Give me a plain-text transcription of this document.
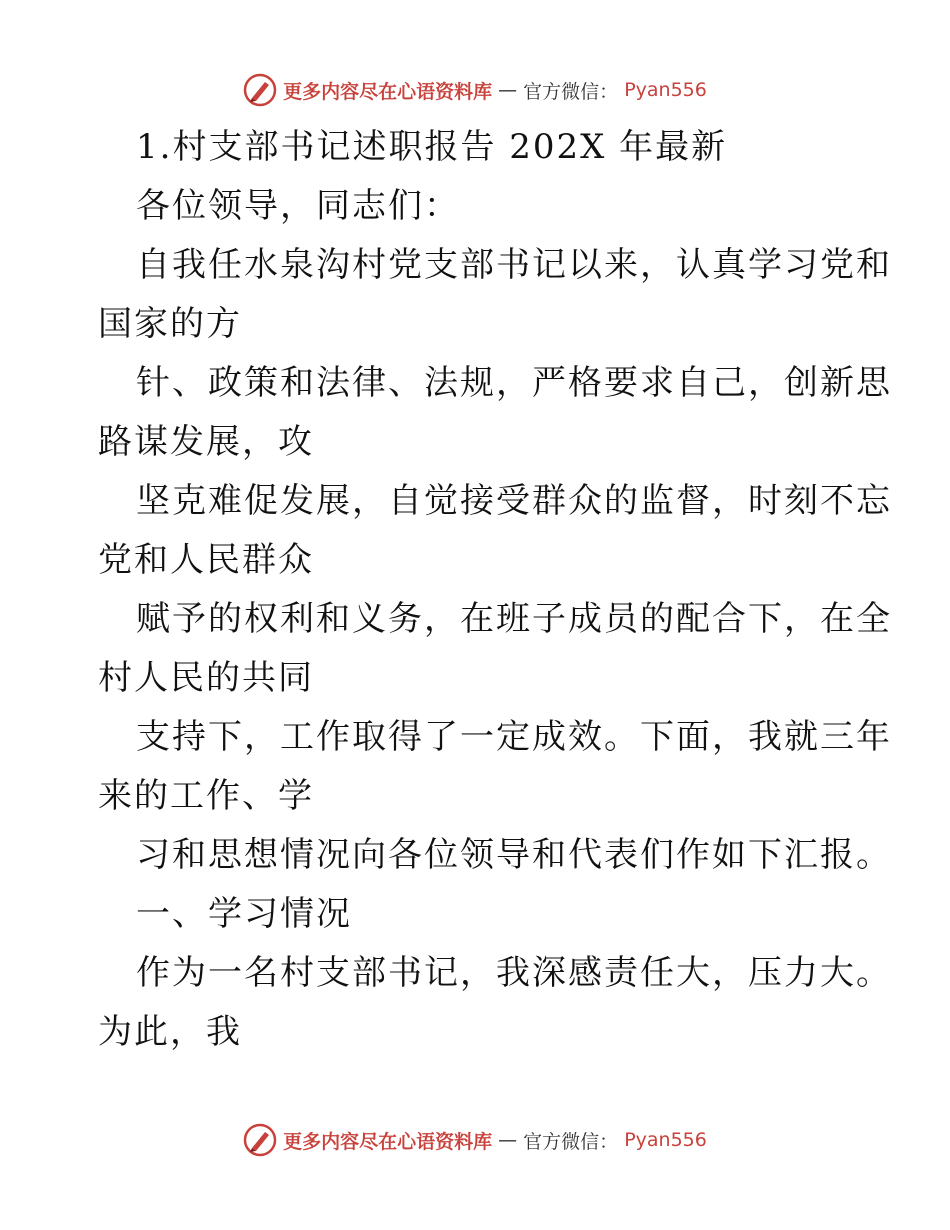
更多内容尽在心语资料库 — 官方微信： Pyan556
1.村支部书记述职报告 202X 年最新
各位领导，同志们：
自我任水泉沟村党支部书记以来，认真学习党和
国家的方
针、政策和法律、法规，严格要求自己，创新思
路谋发展，攻
坚克难促发展，自觉接受群众的监督，时刻不忘
党和人民群众
赋予的权利和义务，在班子成员的配合下，在全
村人民的共同
支持下，工作取得了一定成效。下面，我就三年
来的工作、学
习和思想情况向各位领导和代表们作如下汇报。
一、学习情况
作为一名村支部书记，我深感责任大，压力大。
为此，我
更多内容尽在心语资料库 — 官方微信： Pyan556
